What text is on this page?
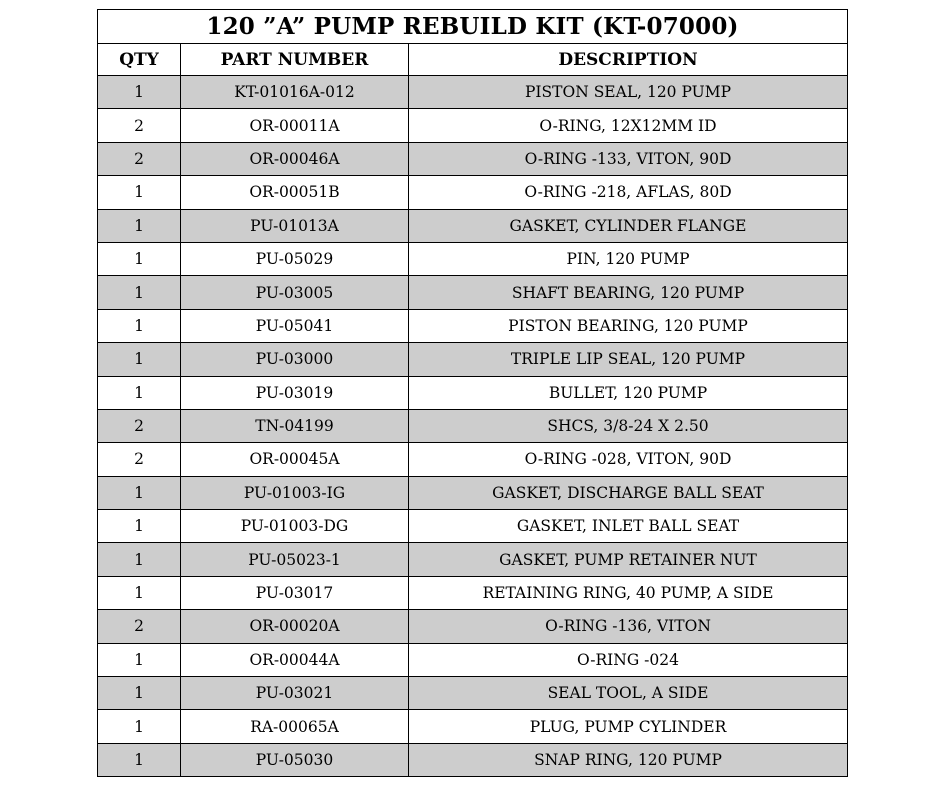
120 ”A” PUMP REBUILD KIT (KT-07000)		
QTY	PART NUMBER	DESCRIPTION
1	KT-01016A-012	PISTON SEAL, 120 PUMP
2	OR-00011A	O-RING, 12X12MM ID
2	OR-00046A	O-RING -133, VITON, 90D
1	OR-00051B	O-RING -218, AFLAS, 80D
1	PU-01013A	GASKET, CYLINDER FLANGE
1	PU-05029	PIN, 120 PUMP
1	PU-03005	SHAFT BEARING, 120 PUMP
1	PU-05041	PISTON BEARING, 120 PUMP
1	PU-03000	TRIPLE LIP SEAL, 120 PUMP
1	PU-03019	BULLET, 120 PUMP
2	TN-04199	SHCS, 3/8-24 X 2.50
2	OR-00045A	O-RING -028, VITON, 90D
1	PU-01003-IG	GASKET, DISCHARGE BALL SEAT
1	PU-01003-DG	GASKET, INLET BALL SEAT
1	PU-05023-1	GASKET, PUMP RETAINER NUT
1	PU-03017	RETAINING RING, 40 PUMP, A SIDE
2	OR-00020A	O-RING -136, VITON
1	OR-00044A	O-RING -024
1	PU-03021	SEAL TOOL, A SIDE
1	RA-00065A	PLUG, PUMP CYLINDER
1	PU-05030	SNAP RING, 120 PUMP
